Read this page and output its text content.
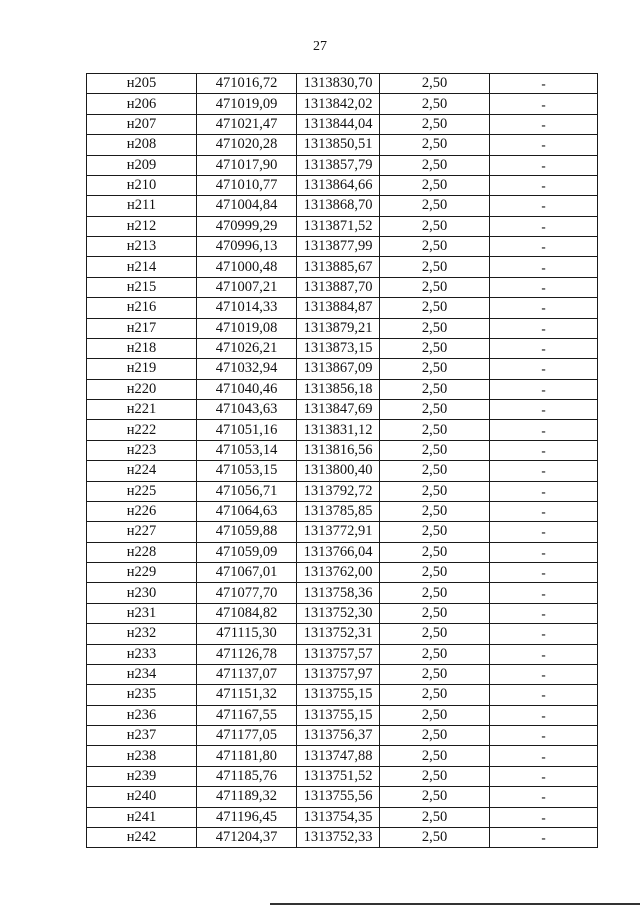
27
н205	471016,72	1313830,70	2,50	-
н206	471019,09	1313842,02	2,50	-
н207	471021,47	1313844,04	2,50	-
н208	471020,28	1313850,51	2,50	-
н209	471017,90	1313857,79	2,50	-
н210	471010,77	1313864,66	2,50	-
н211	471004,84	1313868,70	2,50	-
н212	470999,29	1313871,52	2,50	-
н213	470996,13	1313877,99	2,50	-
н214	471000,48	1313885,67	2,50	-
н215	471007,21	1313887,70	2,50	-
н216	471014,33	1313884,87	2,50	-
н217	471019,08	1313879,21	2,50	-
н218	471026,21	1313873,15	2,50	-
н219	471032,94	1313867,09	2,50	-
н220	471040,46	1313856,18	2,50	-
н221	471043,63	1313847,69	2,50	-
н222	471051,16	1313831,12	2,50	-
н223	471053,14	1313816,56	2,50	-
н224	471053,15	1313800,40	2,50	-
н225	471056,71	1313792,72	2,50	-
н226	471064,63	1313785,85	2,50	-
н227	471059,88	1313772,91	2,50	-
н228	471059,09	1313766,04	2,50	-
н229	471067,01	1313762,00	2,50	-
н230	471077,70	1313758,36	2,50	-
н231	471084,82	1313752,30	2,50	-
н232	471115,30	1313752,31	2,50	-
н233	471126,78	1313757,57	2,50	-
н234	471137,07	1313757,97	2,50	-
н235	471151,32	1313755,15	2,50	-
н236	471167,55	1313755,15	2,50	-
н237	471177,05	1313756,37	2,50	-
н238	471181,80	1313747,88	2,50	-
н239	471185,76	1313751,52	2,50	-
н240	471189,32	1313755,56	2,50	-
н241	471196,45	1313754,35	2,50	-
н242	471204,37	1313752,33	2,50	-
